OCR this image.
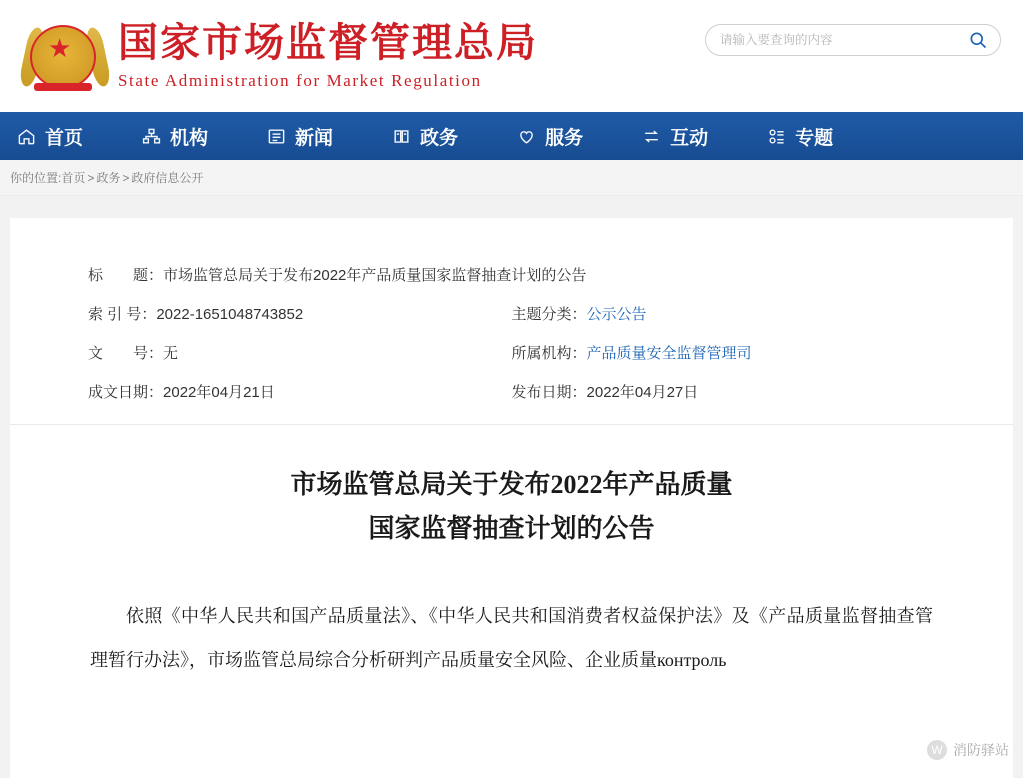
★ 国家市场监督管理总局
State Administration for Market Regulation
请输入要查询的内容
首页	机构	新闻	政务	服务	互动	专题
你的位置: 首页 > 政务 > 政府信息公开
标　　题： 市场监管总局关于发布2022年产品质量国家监督抽查计划的公告
索 引 号： 2022-1651048743852	主题分类： 公示公告
文　　号： 无	所属机构： 产品质量安全监督管理司
成文日期： 2022年04月21日	发布日期： 2022年04月27日
市场监管总局关于发布2022年产品质量
国家监督抽查计划的公告
依照《中华人民共和国产品质量法》、《中华人民共和国消费者权益保护法》及《产品质量监督抽查管理暂行办法》，市场监管总局综合分析研判产品质量安全风险、企业质量контроль
W 消防驿站
